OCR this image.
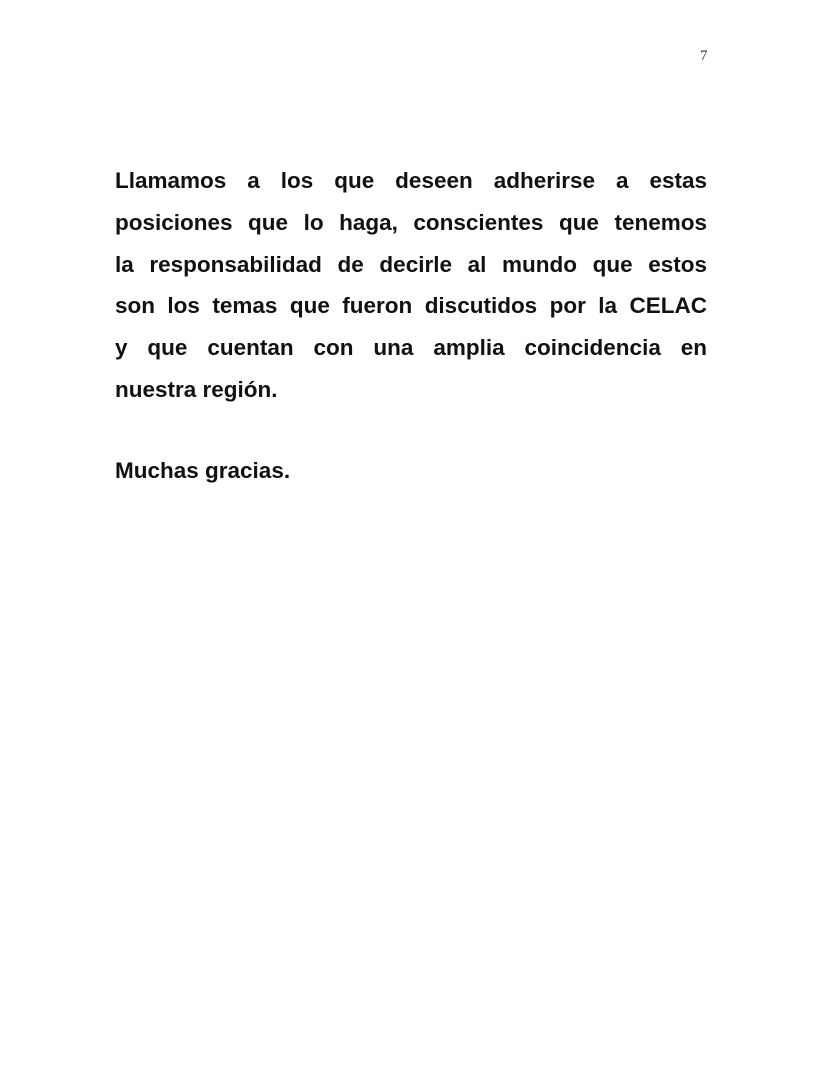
7
Llamamos a los que deseen adherirse a estas
posiciones que lo haga, conscientes que tenemos
la responsabilidad de decirle al mundo que estos
son los temas que fueron discutidos por la CELAC
y que cuentan con una amplia coincidencia en
nuestra región.
Muchas gracias.
